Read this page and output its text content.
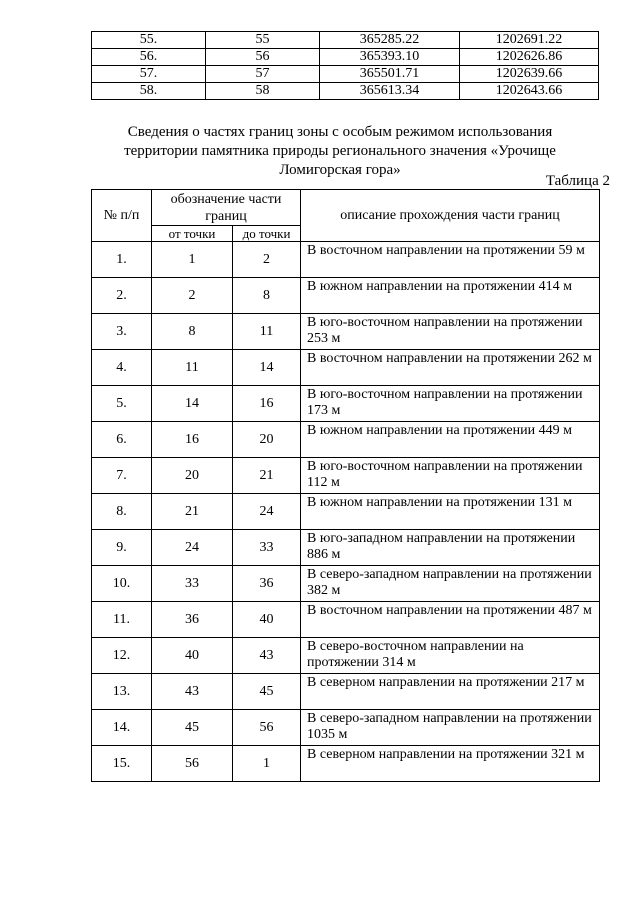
55.	55	365285.22	1202691.22
56.	56	365393.10	1202626.86
57.	57	365501.71	1202639.66
58.	58	365613.34	1202643.66
Сведения о частях границ зоны с особым режимом использования территории памятника природы регионального значения «Урочище Ломигорская гора»
Таблица 2
№ п/п	обозначение части границ		описание прохождения части границ
	от точки	до точки	
1.	1	2	В восточном направлении на протяжении 59 м
2.	2	8	В южном направлении на протяжении 414 м
3.	8	11	В юго-восточном направлении на протяжении 253 м
4.	11	14	В восточном направлении на протяжении 262 м
5.	14	16	В юго-восточном направлении на протяжении 173 м
6.	16	20	В южном направлении на протяжении 449 м
7.	20	21	В юго-восточном направлении на протяжении 112 м
8.	21	24	В южном направлении на протяжении 131 м
9.	24	33	В юго-западном направлении на протяжении 886 м
10.	33	36	В северо-западном направлении на протяжении 382 м
11.	36	40	В восточном направлении на протяжении 487 м
12.	40	43	В северо-восточном направлении на протяжении 314 м
13.	43	45	В северном направлении на протяжении 217 м
14.	45	56	В северо-западном направлении на протяжении 1035 м
15.	56	1	В северном направлении на протяжении 321 м
